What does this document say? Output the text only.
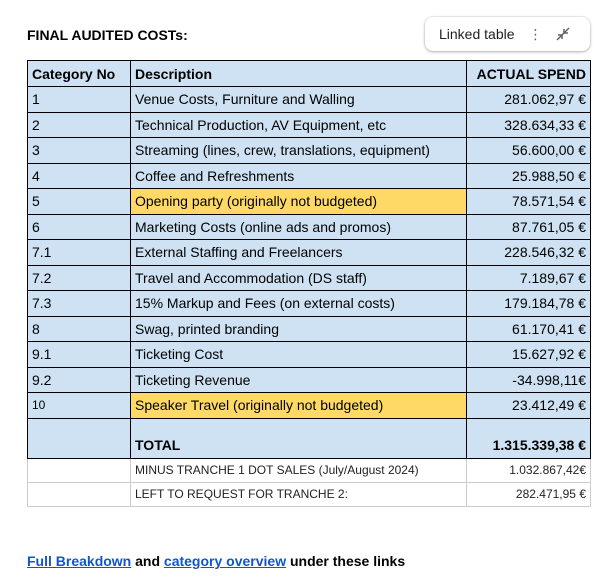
FINAL AUDITED COSTs:	Linked table ⋮
Category No	Description	ACTUAL SPEND
1	Venue Costs, Furniture and Walling	281.062,97 €
2	Technical Production, AV Equipment, etc	328.634,33 €
3	Streaming (lines, crew, translations, equipment)	56.600,00 €
4	Coffee and Refreshments	25.988,50 €
5	Opening party (originally not budgeted)	78.571,54 €
6	Marketing Costs (online ads and promos)	87.761,05 €
7.1	External Staffing and Freelancers	228.546,32 €
7.2	Travel and Accommodation (DS staff)	7.189,67 €
7.3	15% Markup and Fees (on external costs)	179.184,78 €
8	Swag, printed branding	61.170,41 €
9.1	Ticketing Cost	15.627,92 €
9.2	Ticketing Revenue	-34.998,11€
10	Speaker Travel (originally not budgeted)	23.412,49 €
	TOTAL	1.315.339,38 €
	MINUS TRANCHE 1 DOT SALES (July/August 2024)	1.032.867,42€
	LEFT TO REQUEST FOR TRANCHE 2:	282.471,95 €
Full Breakdown and category overview under these links
